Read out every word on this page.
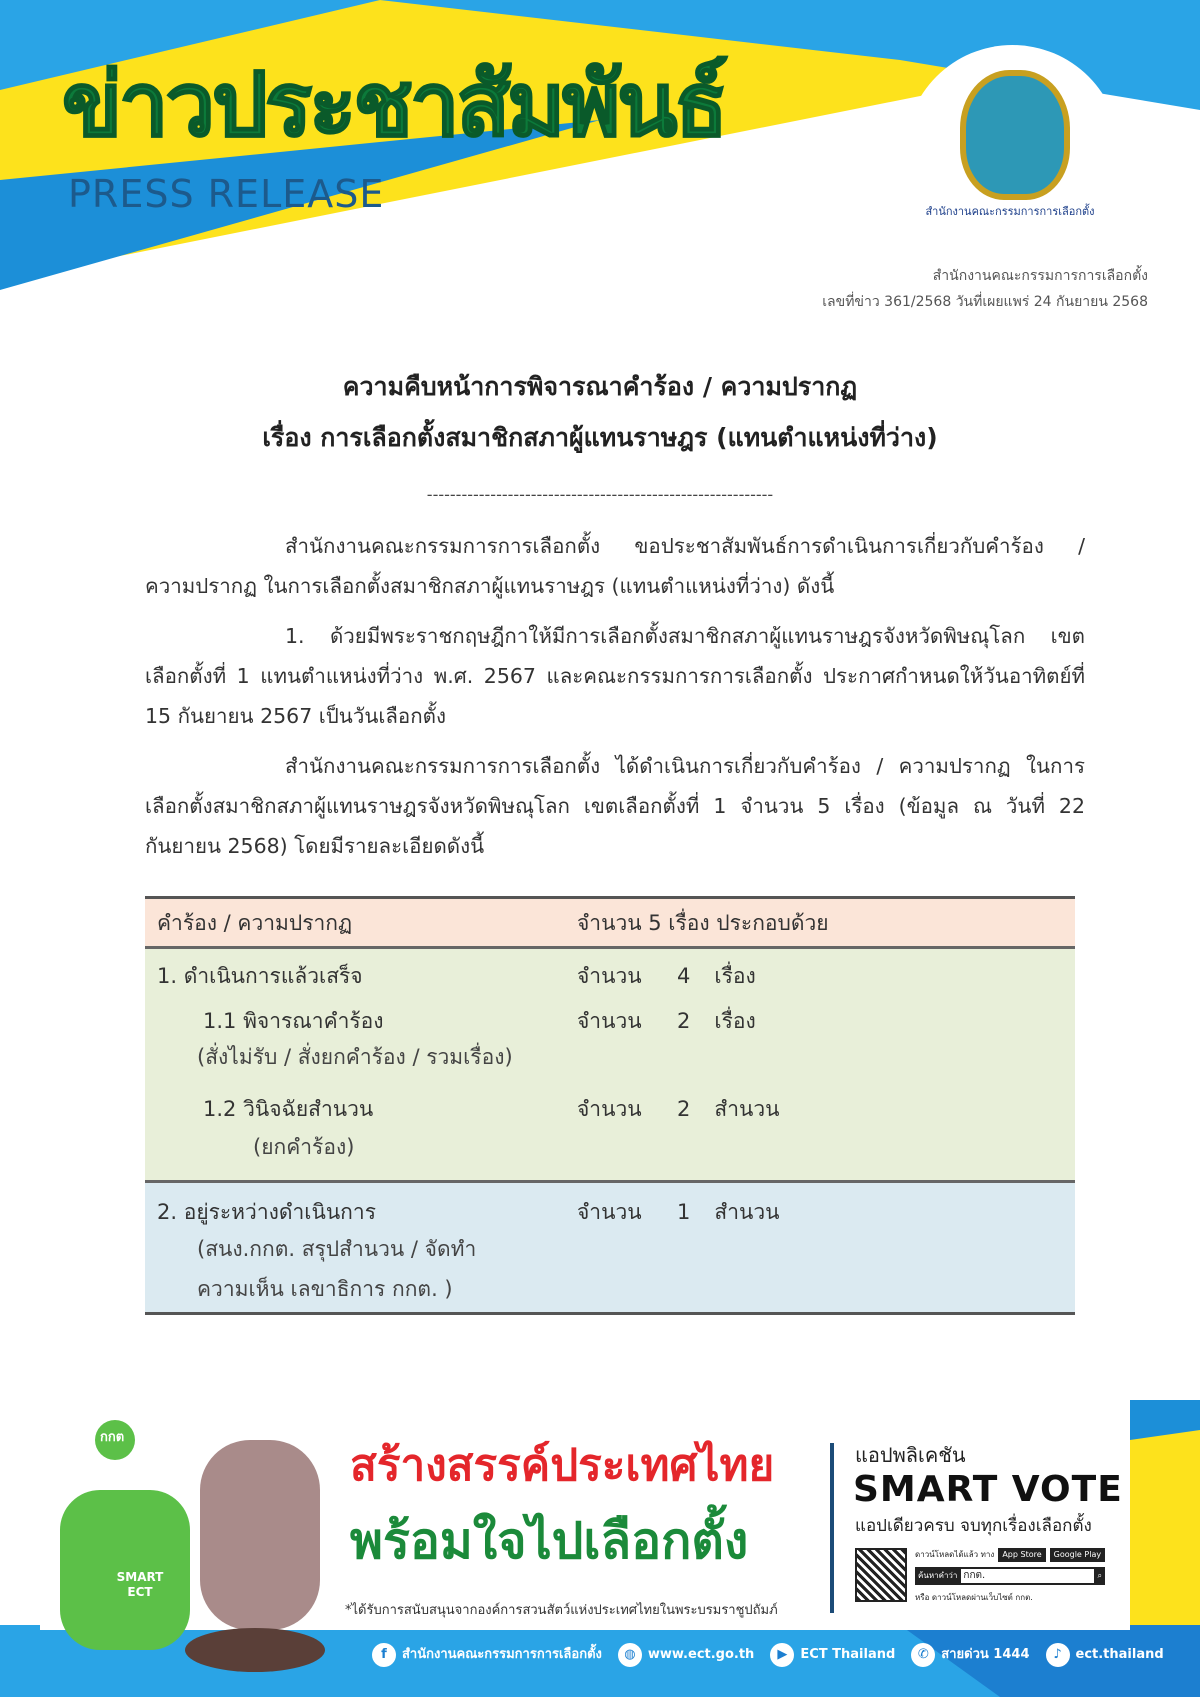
ข่าวประชาสัมพันธ์
PRESS RELEASE	สำนักงานคณะกรรมการการเลือกตั้ง
สำนักงานคณะกรรมการการเลือกตั้ง
เลขที่ข่าว 361/2568 วันที่เผยแพร่ 24 กันยายน 2568
ความคืบหน้าการพิจารณาคำร้อง / ความปรากฏ
เรื่อง การเลือกตั้งสมาชิกสภาผู้แทนราษฎร (แทนตำแหน่งที่ว่าง)
------------------------------------------------------------
สำนักงานคณะกรรมการการเลือกตั้ง ขอประชาสัมพันธ์การดำเนินการเกี่ยวกับคำร้อง / ความปรากฏ ในการเลือกตั้งสมาชิกสภาผู้แทนราษฎร (แทนตำแหน่งที่ว่าง) ดังนี้
1. ด้วยมีพระราชกฤษฎีกาให้มีการเลือกตั้งสมาชิกสภาผู้แทนราษฎรจังหวัดพิษณุโลก เขตเลือกตั้งที่ 1 แทนตำแหน่งที่ว่าง พ.ศ. 2567 และคณะกรรมการการเลือกตั้ง ประกาศกำหนดให้วันอาทิตย์ที่ 15 กันยายน 2567 เป็นวันเลือกตั้ง
สำนักงานคณะกรรมการการเลือกตั้ง ได้ดำเนินการเกี่ยวกับคำร้อง / ความปรากฏ ในการเลือกตั้งสมาชิกสภาผู้แทนราษฎรจังหวัดพิษณุโลก เขตเลือกตั้งที่ 1 จำนวน 5 เรื่อง (ข้อมูล ณ วันที่ 22 กันยายน 2568) โดยมีรายละเอียดดังนี้
คำร้อง / ความปรากฏ	จำนวน 5 เรื่อง ประกอบด้วย		
1. ดำเนินการแล้วเสร็จ	จำนวน	4	เรื่อง
1.1 พิจารณาคำร้อง	จำนวน	2	เรื่อง
(สั่งไม่รับ / สั่งยกคำร้อง / รวมเรื่อง)			
1.2 วินิจฉัยสำนวน	จำนวน	2	สำนวน
(ยกคำร้อง)			
2. อยู่ระหว่างดำเนินการ	จำนวน	1	สำนวน
(สนง.กกต. สรุปสำนวน / จัดทำ			
ความเห็น เลขาธิการ กกต. )			
กกต
SMART ECT
สร้างสรรค์ประเทศไทย
พร้อมใจไปเลือกตั้ง
*ได้รับการสนับสนุนจากองค์การสวนสัตว์แห่งประเทศไทยในพระบรมราชูปถัมภ์
แอปพลิเคชัน
SMART VOTE
แอปเดียวครบ จบทุกเรื่องเลือกตั้ง
ดาวน์โหลดได้แล้ว ทาง	App Store	Google Play
ค้นหาคำว่า กกต.	⌕
หรือ ดาวน์โหลดผ่านเว็บไซต์ กกต.
f	สำนักงานคณะกรรมการการเลือกตั้ง	◍ www.ect.go.th	▶	ECT Thailand	✆ สายด่วน 1444	♪	ect.thailand
